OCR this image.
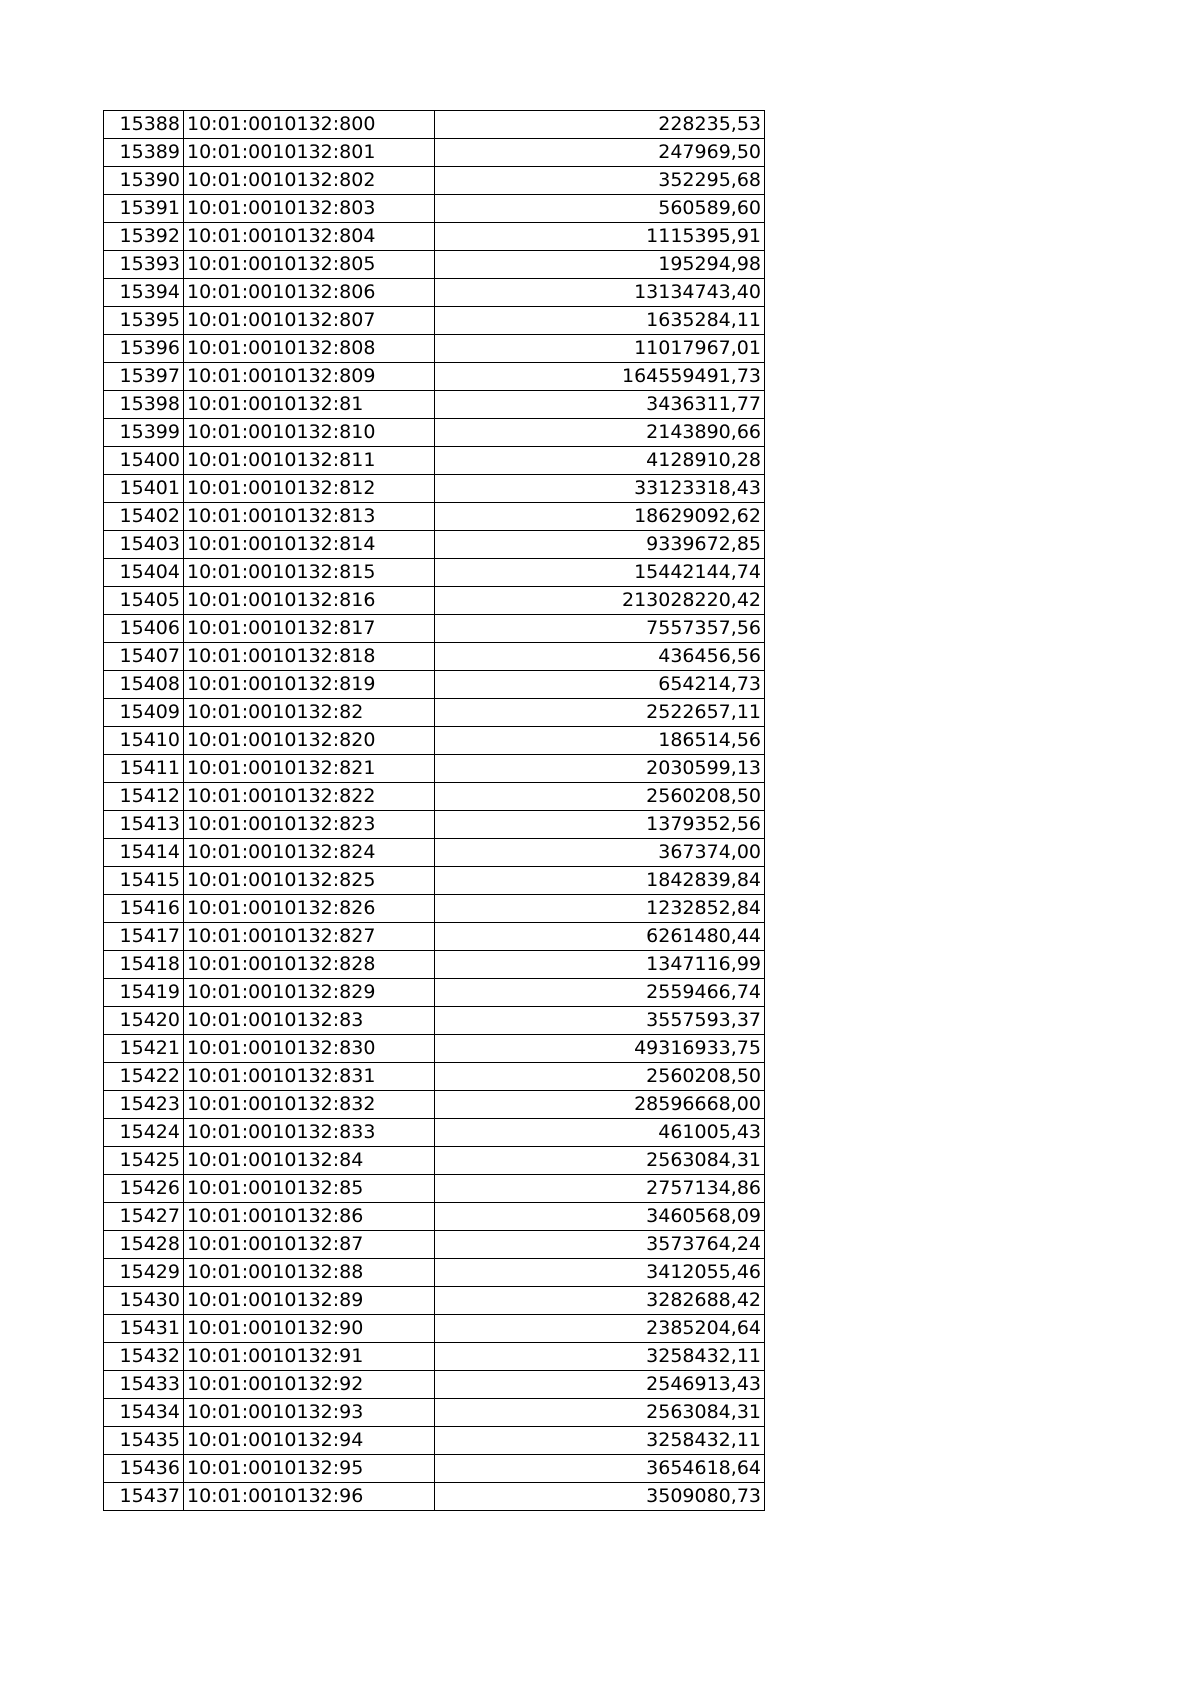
15388	10:01:0010132:800	228235,53
15389	10:01:0010132:801	247969,50
15390	10:01:0010132:802	352295,68
15391	10:01:0010132:803	560589,60
15392	10:01:0010132:804	1115395,91
15393	10:01:0010132:805	195294,98
15394	10:01:0010132:806	13134743,40
15395	10:01:0010132:807	1635284,11
15396	10:01:0010132:808	11017967,01
15397	10:01:0010132:809	164559491,73
15398	10:01:0010132:81	3436311,77
15399	10:01:0010132:810	2143890,66
15400	10:01:0010132:811	4128910,28
15401	10:01:0010132:812	33123318,43
15402	10:01:0010132:813	18629092,62
15403	10:01:0010132:814	9339672,85
15404	10:01:0010132:815	15442144,74
15405	10:01:0010132:816	213028220,42
15406	10:01:0010132:817	7557357,56
15407	10:01:0010132:818	436456,56
15408	10:01:0010132:819	654214,73
15409	10:01:0010132:82	2522657,11
15410	10:01:0010132:820	186514,56
15411	10:01:0010132:821	2030599,13
15412	10:01:0010132:822	2560208,50
15413	10:01:0010132:823	1379352,56
15414	10:01:0010132:824	367374,00
15415	10:01:0010132:825	1842839,84
15416	10:01:0010132:826	1232852,84
15417	10:01:0010132:827	6261480,44
15418	10:01:0010132:828	1347116,99
15419	10:01:0010132:829	2559466,74
15420	10:01:0010132:83	3557593,37
15421	10:01:0010132:830	49316933,75
15422	10:01:0010132:831	2560208,50
15423	10:01:0010132:832	28596668,00
15424	10:01:0010132:833	461005,43
15425	10:01:0010132:84	2563084,31
15426	10:01:0010132:85	2757134,86
15427	10:01:0010132:86	3460568,09
15428	10:01:0010132:87	3573764,24
15429	10:01:0010132:88	3412055,46
15430	10:01:0010132:89	3282688,42
15431	10:01:0010132:90	2385204,64
15432	10:01:0010132:91	3258432,11
15433	10:01:0010132:92	2546913,43
15434	10:01:0010132:93	2563084,31
15435	10:01:0010132:94	3258432,11
15436	10:01:0010132:95	3654618,64
15437	10:01:0010132:96	3509080,73
